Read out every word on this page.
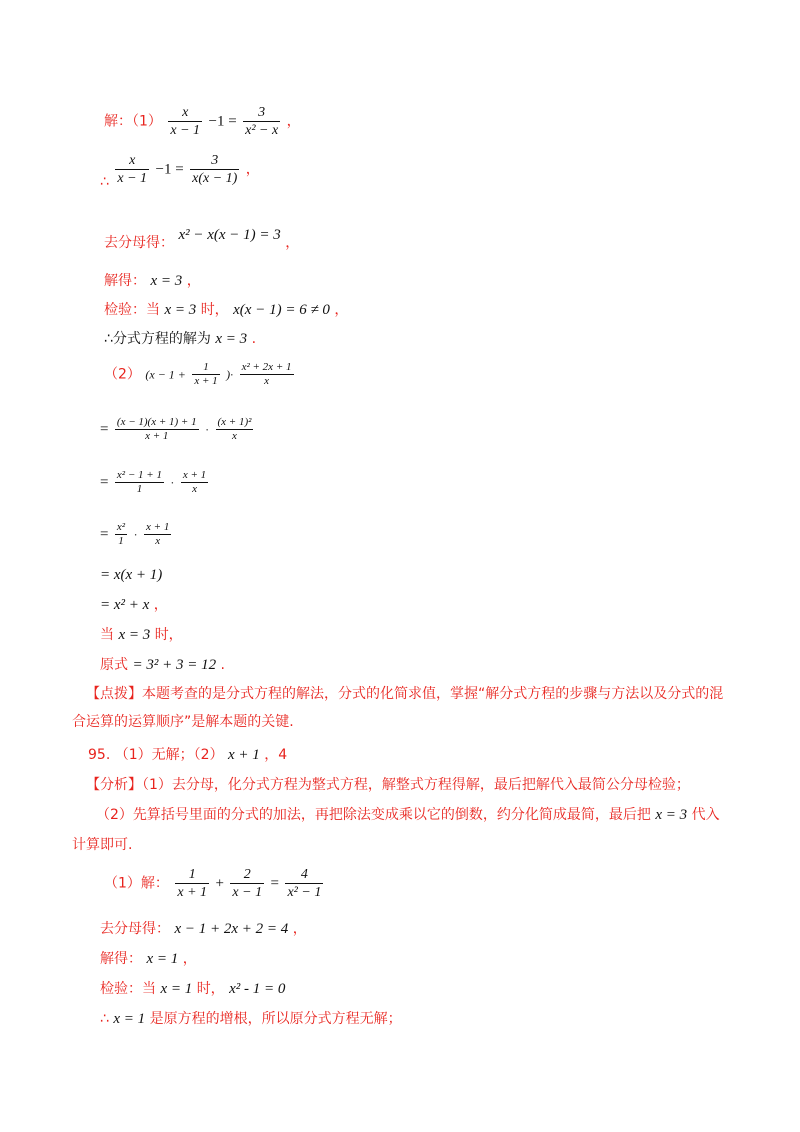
解：$(1) \frac{x}{x - 1} -1 = \frac{3}{\text{x² − x}}$ ，
∴ $\frac{x}{x - 1} -1 = \frac{3}{x(x - 1)}$ ，
去分母得： x² − x(x − 1) = 3 ，
解得： x = 3 ，
检验：当 x = 3 时， x(x − 1) = 6 ≠ 0 ，
∴分式方程的解为 x = 3 .
（2） ($x - 1 + \frac{1}{x + 1}$ )· $\frac{\text{x² + 2x + 1}}{x}$
= $\frac{(x - 1)(x + 1) + 1}{x + 1} \cdot \frac{\text{(x + 1)²}}{x}$
= $\frac{\text{x² − 1 + 1}}{1} \cdot \frac{x + 1}{x}$
= $\frac{\text{x²}}{1} \cdot \frac{x + 1}{x}$
= x(x + 1)
= x² + x ，
当 x = 3 时，
原式 = 3² + 3 = 12 .
【点拨】本题考查的是分式方程的解法，分式的化简求值，掌握“解分式方程的步骤与方法以及分式的混合运算的运算顺序”是解本题的关键.
95. （1）无解；（2） x + 1 ，4
【分析】（1）去分母，化分式方程为整式方程，解整式方程得解，最后把解代入最简公分母检验；
（2）先算括号里面的分式的加法，再把除法变成乘以它的倒数，约分化简成最简，最后把 x = 3 代入
计算即可.
（1）解： $\frac{1}{x + 1} + \frac{2}{x - 1} = \frac{4}{\text{x² − 1}}$
去分母得： x − 1 + 2x + 2 = 4 ，
解得： x = 1 ，
检验：当 x = 1 时， x² - 1 = 0
∴ x = 1 是原方程的增根，所以原分式方程无解；
